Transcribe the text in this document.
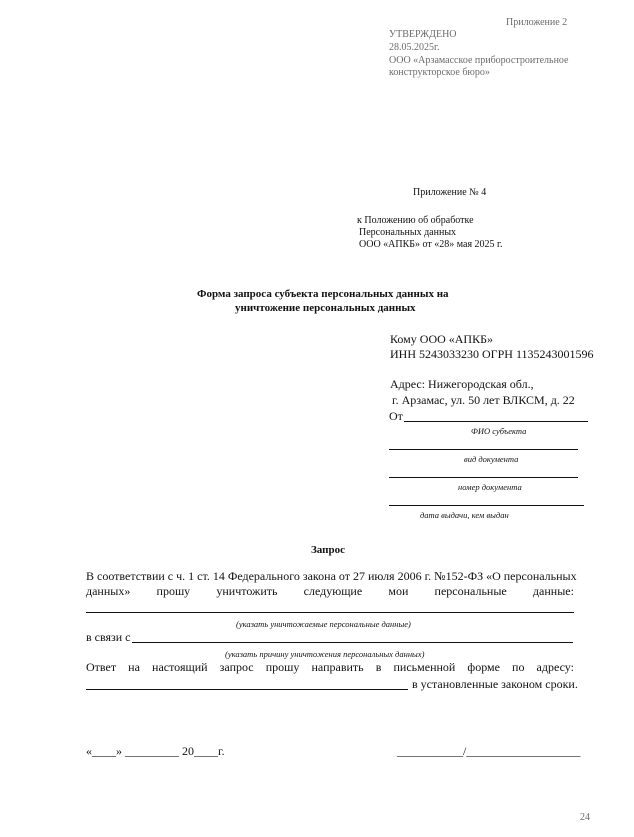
Приложение 2
УТВЕРЖДЕНО
28.05.2025г.
ООО «Арзамасское приборостроительное
конструкторское бюро»
Приложение № 4
к Положению об обработке
Персональных данных
ООО «АПКБ» от «28» мая 2025 г.
Форма запроса субъекта персональных данных на
уничтожение персональных данных
Кому ООО «АПКБ»
ИНН 5243033230 ОГРН 1135243001596
Адрес: Нижегородская обл.,
г. Арзамас, ул. 50 лет ВЛКСМ, д. 22
От
ФИО субъекта
вид документа
номер документа
дата выдачи, кем выдан
Запрос
В соответствии с ч. 1 ст. 14 Федерального закона от 27 июля 2006 г. №152-ФЗ «О персональных
данных» прошу уничтожить следующие мои персональные данные:
(указать уничтожаемые персональные данные)
в связи с
(указать причину уничтожения персональных данных)
Ответ на настоящий запрос прошу направить в письменной форме по адресу:
в установленные законом сроки.
«____» _________ 20____г.	___________/___________________
24
